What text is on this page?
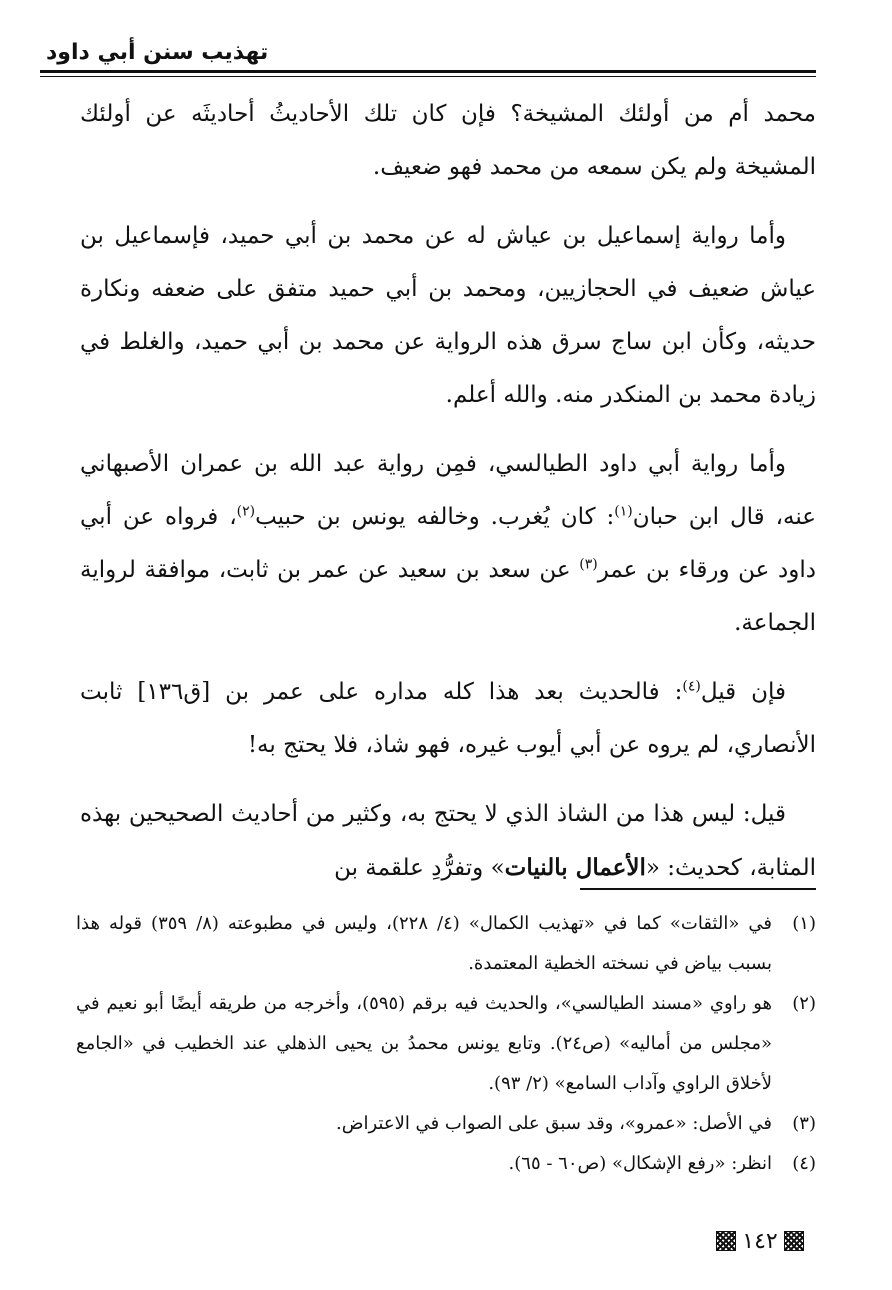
تهذيب سنن أبي داود

محمد أم من أولئك المشيخة؟ فإن كان تلك الأحاديثُ أحاديثَه عن أولئك المشيخة ولم يكن سمعه من محمد فهو ضعيف.

وأما رواية إسماعيل بن عياش له عن محمد بن أبي حميد، فإسماعيل بن عياش ضعيف في الحجازيين، ومحمد بن أبي حميد متفق على ضعفه ونكارة حديثه، وكأن ابن ساج سرق هذه الرواية عن محمد بن أبي حميد، والغلط في زيادة محمد بن المنكدر منه. والله أعلم.

وأما رواية أبي داود الطيالسي، فمِن رواية عبد الله بن عمران الأصبهاني عنه، قال ابن حبان$^{(١)}$: كان يُغرب. وخالفه يونس بن حبيب$^{(٢)}$، فرواه عن أبي داود عن ورقاء بن عمر$^{(٣)}$ عن سعد بن سعيد عن عمر بن ثابت، موافقة لرواية الجماعة.

فإن قيل$^{(٤)}$: فالحديث بعد هذا كله مداره على عمر بن [ق١٣٦] ثابت الأنصاري، لم يروه عن أبي أيوب غيره، فهو شاذ، فلا يحتج به!

قيل: ليس هذا من الشاذ الذي لا يحتج به، وكثير من أحاديث الصحيحين بهذه المثابة، كحديث: «الأعمال بالنيات» وتفرُّدِ علقمة بن

(١)
في «الثقات» كما في «تهذيب الكمال» (٤/ ٢٢٨)، وليس في مطبوعته (٨/ ٣٥٩) قوله هذا بسبب بياض في نسخته الخطية المعتمدة.
(٢)
هو راوي «مسند الطيالسي»، والحديث فيه برقم (٥٩٥)، وأخرجه من طريقه أيضًا أبو نعيم في «مجلس من أماليه» (ص٢٤). وتابع يونس محمدُ بن يحيى الذهلي عند الخطيب في «الجامع لأخلاق الراوي وآداب السامع» (٢/ ٩٣).
(٣)
في الأصل: «عمرو»، وقد سبق على الصواب في الاعتراض.
(٤)
انظر: «رفع الإشكال» (ص٦٠ - ٦٥).
١٤٢
